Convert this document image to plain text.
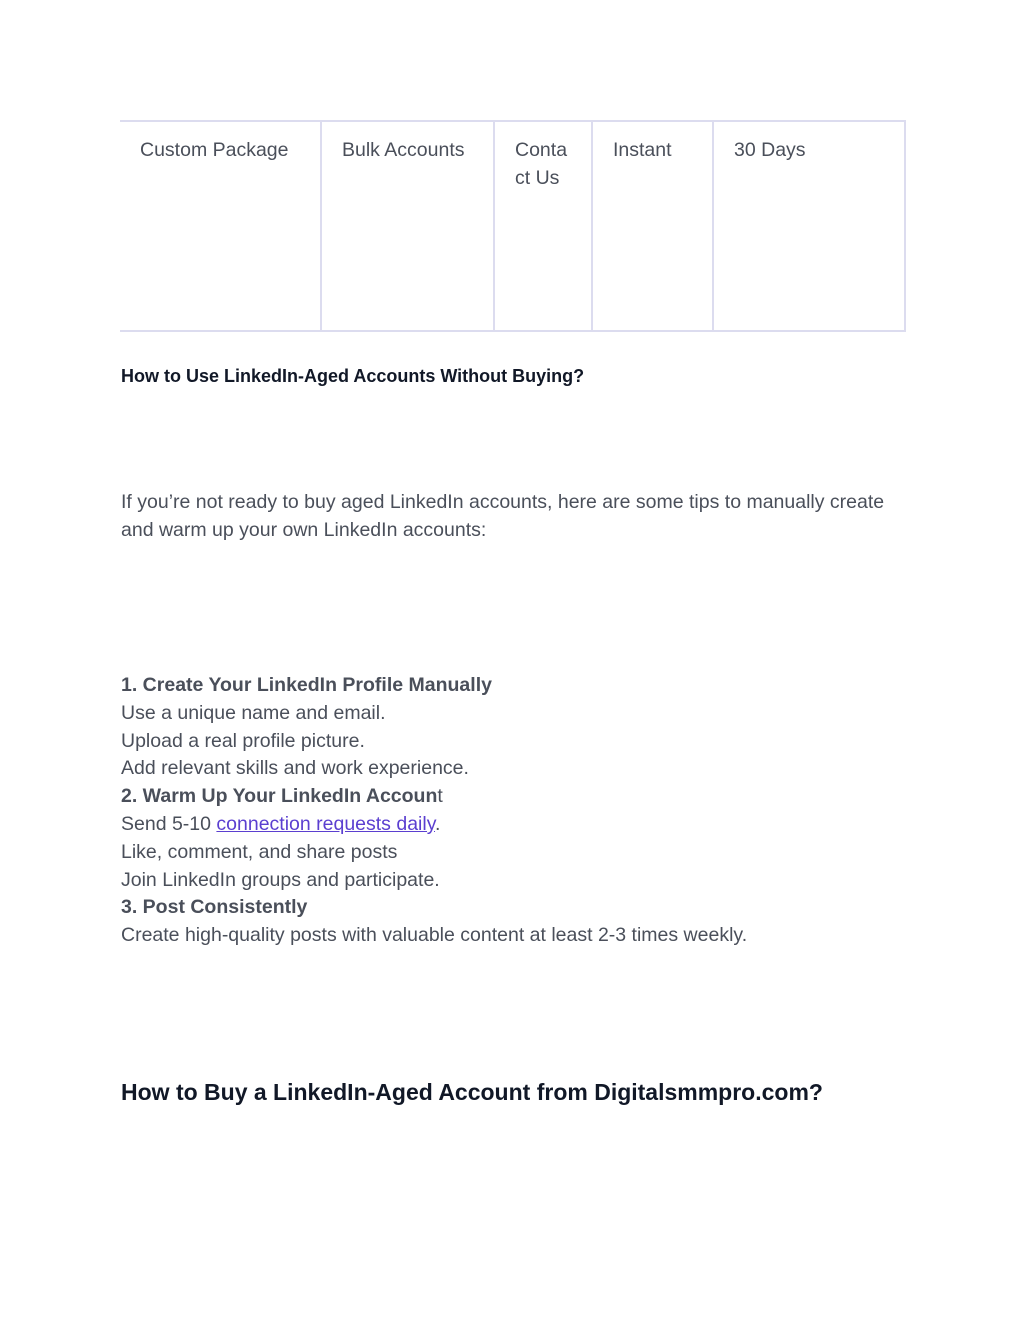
Custom Package	Bulk Accounts	Contact Us	Instant	30 Days
How to Use LinkedIn-Aged Accounts Without Buying?

If you’re not ready to buy aged LinkedIn accounts, here are some tips to manually create and warm up your own LinkedIn accounts:

1. Create Your LinkedIn Profile Manually
Use a unique name and email.
Upload a real profile picture.
Add relevant skills and work experience.
2. Warm Up Your LinkedIn Account
Send 5-10 connection requests daily.
Like, comment, and share posts
Join LinkedIn groups and participate.
3. Post Consistently
Create high-quality posts with valuable content at least 2-3 times weekly.
How to Buy a LinkedIn-Aged Account from Digitalsmmpro.com?
